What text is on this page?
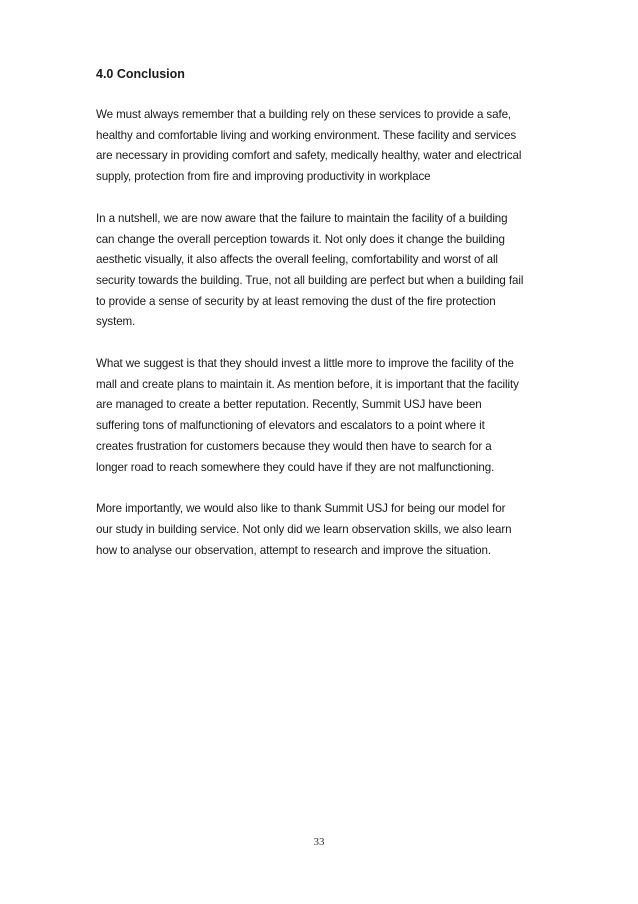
4.0 Conclusion

We must always remember that a building rely on these services to provide a safe,
healthy and comfortable living and working environment. These facility and services
are necessary in providing comfort and safety, medically healthy, water and electrical
supply, protection from fire and improving productivity in workplace

In a nutshell, we are now aware that the failure to maintain the facility of a building
can change the overall perception towards it. Not only does it change the building
aesthetic visually, it also affects the overall feeling, comfortability and worst of all
security towards the building. True, not all building are perfect but when a building fail
to provide a sense of security by at least removing the dust of the fire protection
system.

What we suggest is that they should invest a little more to improve the facility of the
mall and create plans to maintain it. As mention before, it is important that the facility
are managed to create a better reputation. Recently, Summit USJ have been
suffering tons of malfunctioning of elevators and escalators to a point where it
creates frustration for customers because they would then have to search for a
longer road to reach somewhere they could have if they are not malfunctioning.

More importantly, we would also like to thank Summit USJ for being our model for
our study in building service. Not only did we learn observation skills, we also learn
how to analyse our observation, attempt to research and improve the situation.

33
